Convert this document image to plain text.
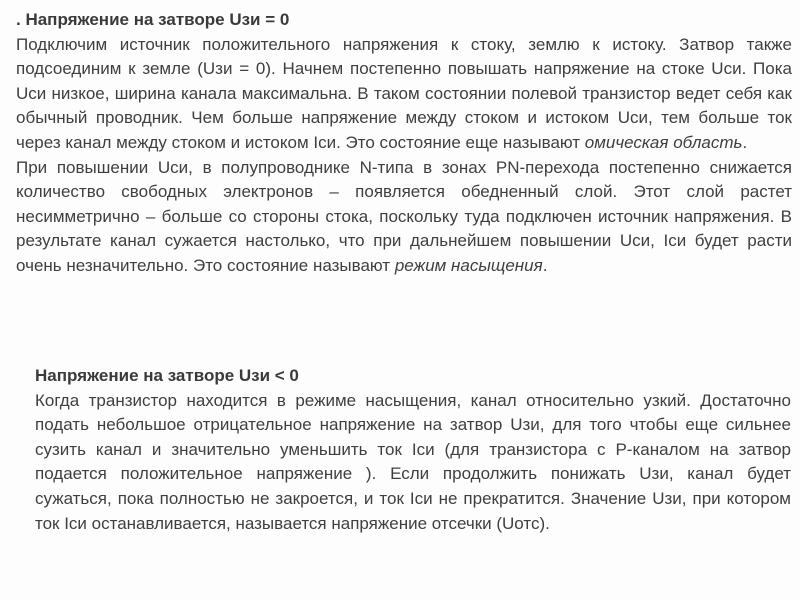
. Напряжение на затворе Uзи = 0

Подключим источник положительного напряжения к стоку, землю к истоку. Затвор также подсоединим к земле (Uзи = 0). Начнем постепенно повышать напряжение на стоке Uси. Пока Uси низкое, ширина канала максимальна. В таком состоянии полевой транзистор ведет себя как обычный проводник. Чем больше напряжение между стоком и истоком Uси, тем больше ток через канал между стоком и истоком Iси. Это состояние еще называют омическая область.

При повышении Uси, в полупроводнике N-типа в зонах PN-перехода постепенно снижается количество свободных электронов – появляется обедненный слой. Этот слой растет несимметрично – больше со стороны стока, поскольку туда подключен источник напряжения. В результате канал сужается настолько, что при дальнейшем повышении Uси, Iси будет расти очень незначительно. Это состояние называют режим насыщения.

Напряжение на затворе Uзи < 0

Когда транзистор находится в режиме насыщения, канал относительно узкий. Достаточно подать небольшое отрицательное напряжение на затвор Uзи, для того чтобы еще сильнее сузить канал и значительно уменьшить ток Iси (для транзистора с P-каналом на затвор подается положительное напряжение ). Если продолжить понижать Uзи, канал будет сужаться, пока полностью не закроется, и ток Iси не прекратится. Значение Uзи, при котором ток Iси останавливается, называется напряжение отсечки (Uотс).
